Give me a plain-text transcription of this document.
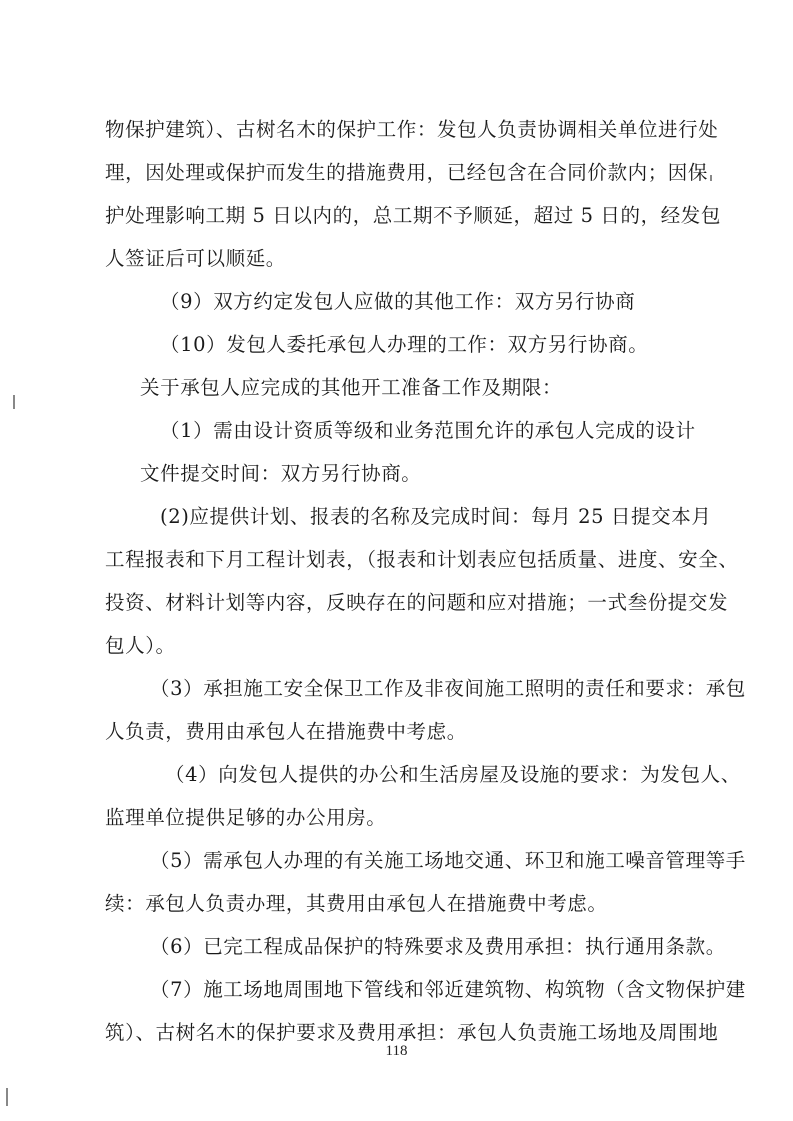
物保护建筑）、古树名木的保护工作：发包人负责协调相关单位进行处
理，因处理或保护而发生的措施费用，已经包含在合同价款内；因保
护处理影响工期 5 日以内的，总工期不予顺延，超过 5 日的，经发包
人签证后可以顺延。
（9）双方约定发包人应做的其他工作：双方另行协商
（10）发包人委托承包人办理的工作：双方另行协商。
关于承包人应完成的其他开工准备工作及期限：
（1）需由设计资质等级和业务范围允许的承包人完成的设计
文件提交时间：双方另行协商。
(2)应提供计划、报表的名称及完成时间：每月 25 日提交本月
工程报表和下月工程计划表，（报表和计划表应包括质量、进度、安全、
投资、材料计划等内容，反映存在的问题和应对措施；一式叁份提交发
包人）。
（3）承担施工安全保卫工作及非夜间施工照明的责任和要求：承包
人负责，费用由承包人在措施费中考虑。
（4）向发包人提供的办公和生活房屋及设施的要求：为发包人、
监理单位提供足够的办公用房。
（5）需承包人办理的有关施工场地交通、环卫和施工噪音管理等手
续：承包人负责办理，其费用由承包人在措施费中考虑。
（6）已完工程成品保护的特殊要求及费用承担：执行通用条款。
（7）施工场地周围地下管线和邻近建筑物、构筑物（含文物保护建
筑）、古树名木的保护要求及费用承担：承包人负责施工场地及周围地
118
